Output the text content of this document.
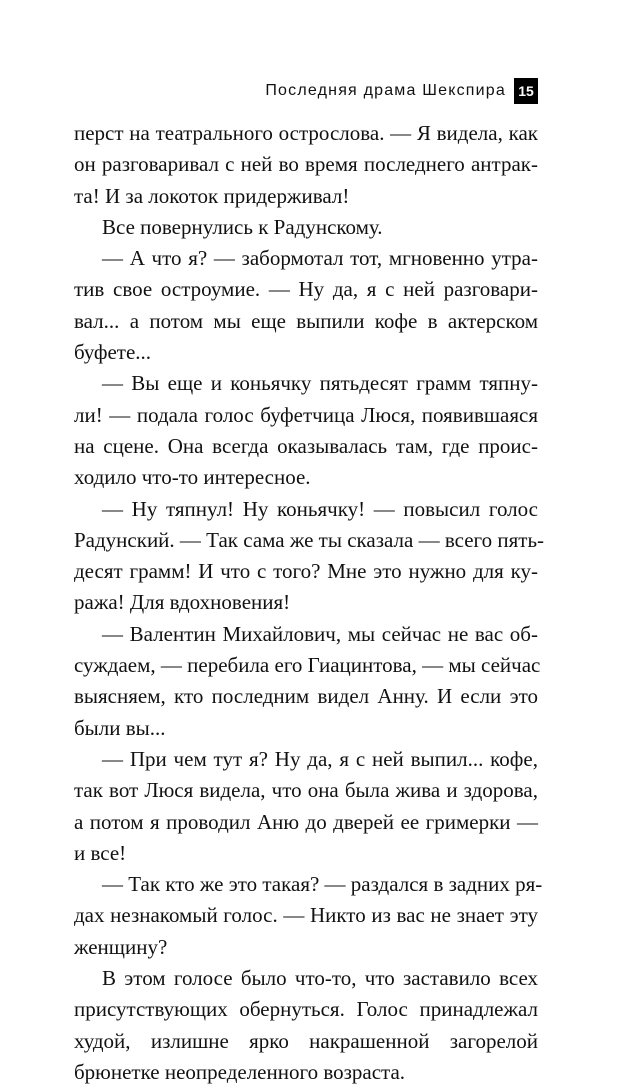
Последняя драма Шекспира 15
перст на театрального острослова. — Я видела, как
он разговаривал с ней во время последнего антрак-
та! И за локоток придерживал!
Все повернулись к Радунскому.
— А что я? — забормотал тот, мгновенно утра-
тив свое остроумие. — Ну да, я с ней разговари-
вал... а потом мы еще выпили кофе в актерском
буфете...
— Вы еще и коньячку пятьдесят грамм тяпну-
ли! — подала голос буфетчица Люся, появившаяся
на сцене. Она всегда оказывалась там, где проис-
ходило что-то интересное.
— Ну тяпнул! Ну коньячку! — повысил голос
Радунский. — Так сама же ты сказала — всего пять-
десят грамм! И что с того? Мне это нужно для ку-
ража! Для вдохновения!
— Валентин Михайлович, мы сейчас не вас об-
суждаем, — перебила его Гиацинтова, — мы сейчас
выясняем, кто последним видел Анну. И если это
были вы...
— При чем тут я? Ну да, я с ней выпил... кофе,
так вот Люся видела, что она была жива и здорова,
а потом я проводил Аню до дверей ее гримерки —
и все!
— Так кто же это такая? — раздался в задних ря-
дах незнакомый голос. — Никто из вас не знает эту
женщину?
В этом голосе было что-то, что заставило всех
присутствующих обернуться. Голос принадлежал
худой, излишне ярко накрашенной загорелой
брюнетке неопределенного возраста.
